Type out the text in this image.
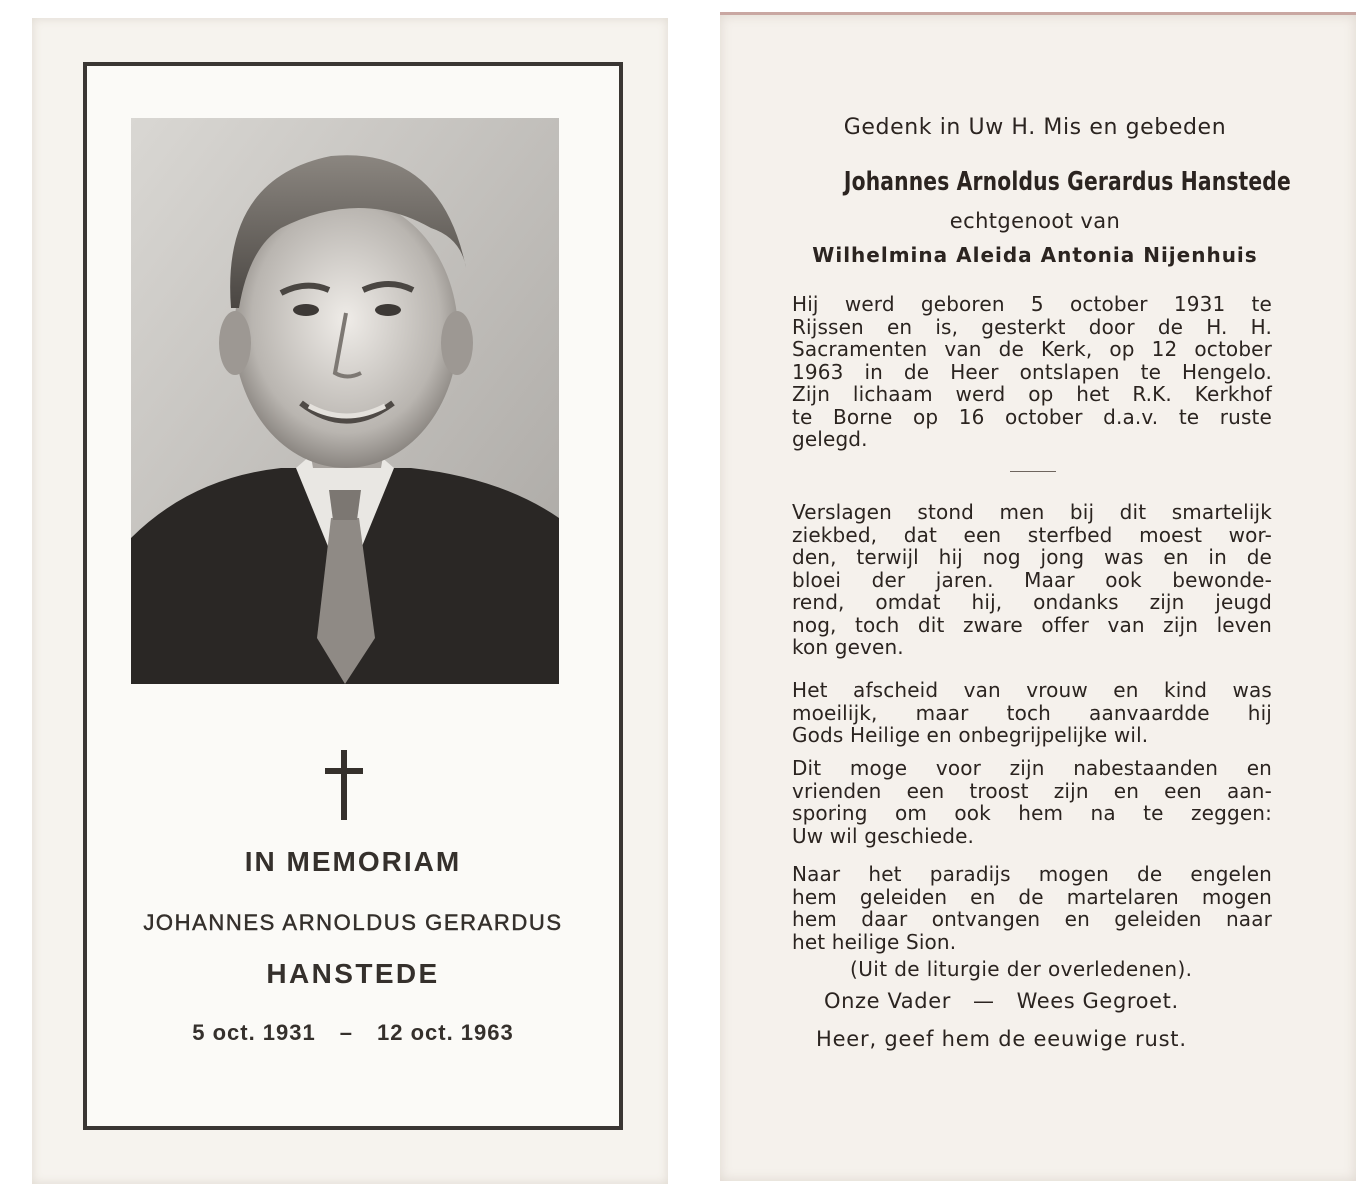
IN MEMORIAM
JOHANNES ARNOLDUS GERARDUS
HANSTEDE
5 oct. 1931 – 12 oct. 1963
Gedenk in Uw H. Mis en gebeden
Johannes Arnoldus Gerardus Hanstede
echtgenoot van
Wilhelmina Aleida Antonia Nijenhuis
Hij werd geboren 5 october 1931 te
Rijssen en is, gesterkt door de H. H.
Sacramenten van de Kerk, op 12 october
1963 in de Heer ontslapen te Hengelo.
Zijn lichaam werd op het R.K. Kerkhof
te Borne op 16 october d.a.v. te ruste
gelegd.
Verslagen stond men bij dit smartelijk
ziekbed, dat een sterfbed moest wor-
den, terwijl hij nog jong was en in de
bloei der jaren. Maar ook bewonde-
rend, omdat hij, ondanks zijn jeugd
nog, toch dit zware offer van zijn leven
kon geven.
Het afscheid van vrouw en kind was
moeilijk, maar toch aanvaardde hij
Gods Heilige en onbegrijpelijke wil.
Dit moge voor zijn nabestaanden en
vrienden een troost zijn en een aan-
sporing om ook hem na te zeggen:
Uw wil geschiede.
Naar het paradijs mogen de engelen
hem geleiden en de martelaren mogen
hem daar ontvangen en geleiden naar
het heilige Sion.
(Uit de liturgie der overledenen).
Onze Vader — Wees Gegroet.
Heer, geef hem de eeuwige rust.
